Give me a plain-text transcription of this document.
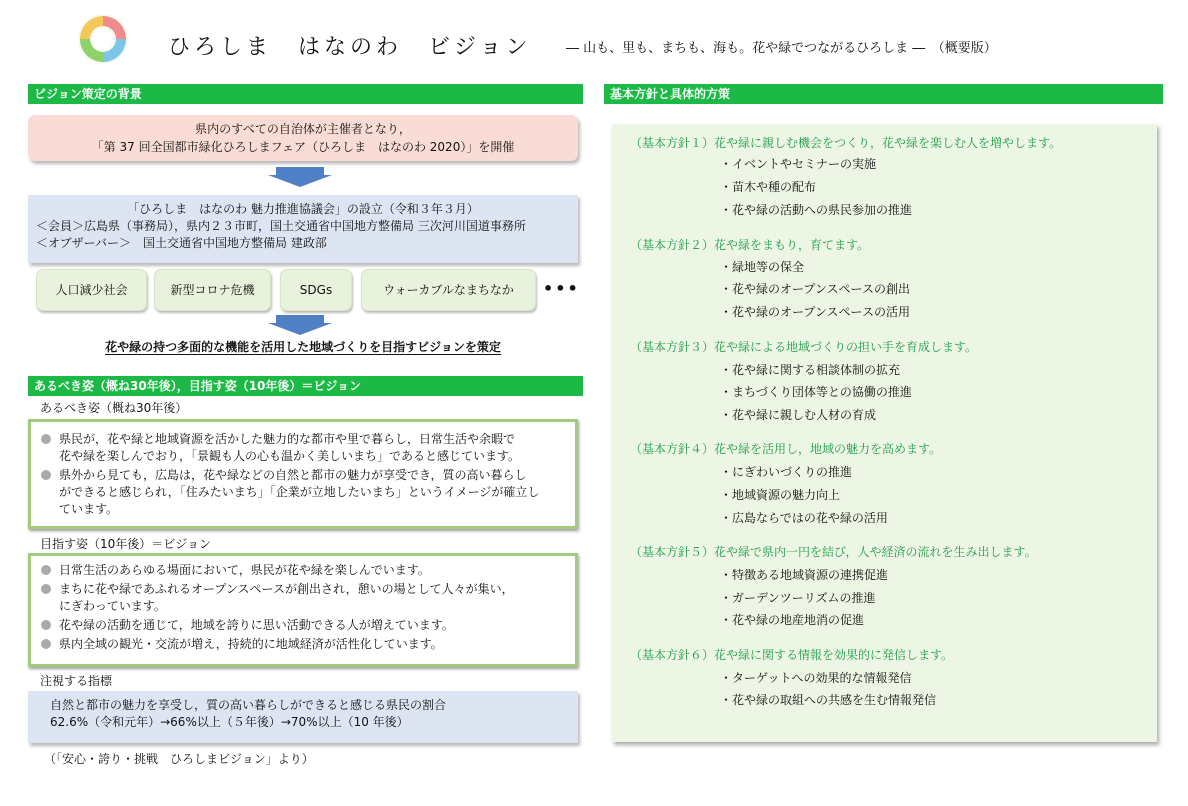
ひろしま　はなのわ　ビジョン	― 山も、里も、まちも、海も。花や緑でつながるひろしま ―　（概要版）
ビジョン策定の背景
県内のすべての自治体が主催者となり，
「第 37 回全国都市緑化ひろしまフェア（ひろしま　はなのわ 2020）」を開催
「ひろしま　はなのわ 魅力推進協議会」の設立（令和３年３月）
＜会員＞広島県（事務局），県内２３市町，国土交通省中国地方整備局 三次河川国道事務所
＜オブザーバー＞　国土交通省中国地方整備局 建政部
人口減少社会	新型コロナ危機	SDGs	ウォーカブルなまちなか	•••
花や緑の持つ多面的な機能を活用した地域づくりを目指すビジョンを策定
あるべき姿（概ね30年後），目指す姿（10年後）＝ビジョン
あるべき姿（概ね30年後）
県民が，花や緑と地域資源を活かした魅力的な都市や里で暮らし，日常生活や余暇で
花や緑を楽しんでおり，「景観も人の心も温かく美しいまち」であると感じています。
県外から見ても，広島は，花や緑などの自然と都市の魅力が享受でき，質の高い暮らし
ができると感じられ，「住みたいまち」「企業が立地したいまち」というイメージが確立し
ています。
目指す姿（10年後）＝ビジョン
日常生活のあらゆる場面において，県民が花や緑を楽しんでいます。
まちに花や緑であふれるオープンスペースが創出され，憩いの場として人々が集い，
にぎわっています。
花や緑の活動を通じて，地域を誇りに思い活動できる人が増えています。
県内全域の観光・交流が増え，持続的に地域経済が活性化しています。
注視する指標
自然と都市の魅力を享受し，質の高い暮らしができると感じる県民の割合
62.6%（令和元年）→66%以上（５年後）→70%以上（10 年後）
（「安心・誇り・挑戦　ひろしまビジョン」より）
基本方針と具体的方策
（基本方針１）花や緑に親しむ機会をつくり，花や緑を楽しむ人を増やします。
・イベントやセミナーの実施
・苗木や種の配布
・花や緑の活動への県民参加の推進
（基本方針２）花や緑をまもり，育てます。
・緑地等の保全
・花や緑のオープンスペースの創出
・花や緑のオープンスペースの活用
（基本方針３）花や緑による地域づくりの担い手を育成します。
・花や緑に関する相談体制の拡充
・まちづくり団体等との協働の推進
・花や緑に親しむ人材の育成
（基本方針４）花や緑を活用し，地域の魅力を高めます。
・にぎわいづくりの推進
・地域資源の魅力向上
・広島ならではの花や緑の活用
（基本方針５）花や緑で県内一円を結び，人や経済の流れを生み出します。
・特徴ある地域資源の連携促進
・ガーデンツーリズムの推進
・花や緑の地産地消の促進
（基本方針６）花や緑に関する情報を効果的に発信します。
・ターゲットへの効果的な情報発信
・花や緑の取組への共感を生む情報発信
